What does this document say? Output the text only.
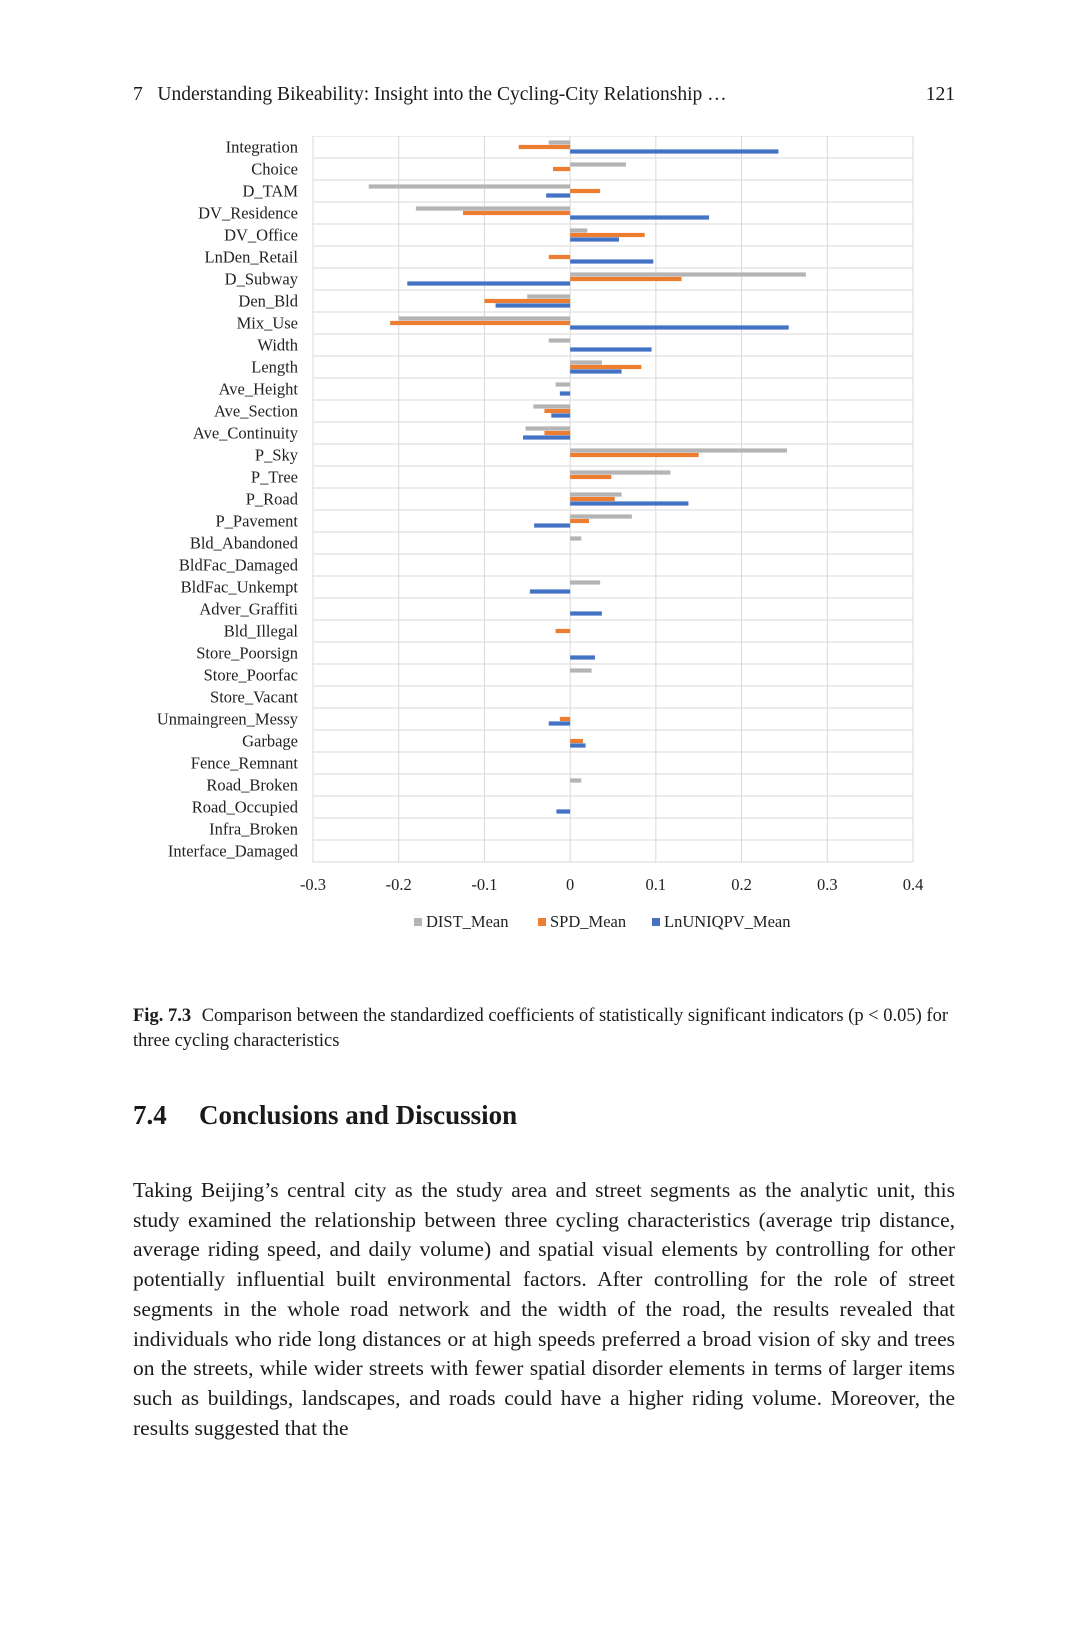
7 Understanding Bikeability: Insight into the Cycling-City Relationship …	121
Integration
Choice
D_TAM
DV_Residence
DV_Office
LnDen_Retail
D_Subway
Den_Bld
Mix_Use
Width
Length
Ave_Height
Ave_Section
Ave_Continuity
P_Sky
P_Tree
P_Road
P_Pavement
Bld_Abandoned
BldFac_Damaged
BldFac_Unkempt
Adver_Graffiti
Bld_Illegal
Store_Poorsign
Store_Poorfac
Store_Vacant
Unmaingreen_Messy
Garbage
Fence_Remnant
Road_Broken
Road_Occupied
Infra_Broken
Interface_Damaged
-0.3	-0.2	-0.1	0	0.1	0.2	0.3	0.4
DIST_Mean	SPD_Mean LnUNIQPV_Mean
Fig. 7.3 Comparison between the standardized coefficients of statistically significant indicators (p < 0.05) for three cycling characteristics
7.4 Conclusions and Discussion
Taking Beijing’s central city as the study area and street segments as the analytic unit, this study examined the relationship between three cycling characteristics (average trip distance, average riding speed, and daily volume) and spatial visual elements by controlling for other potentially influential built environmental factors. After controlling for the role of street segments in the whole road network and the width of the road, the results revealed that individuals who ride long distances or at high speeds preferred a broad vision of sky and trees on the streets, while wider streets with fewer spatial disorder elements in terms of larger items such as buildings, landscapes, and roads could have a higher riding volume. Moreover, the results suggested that the
